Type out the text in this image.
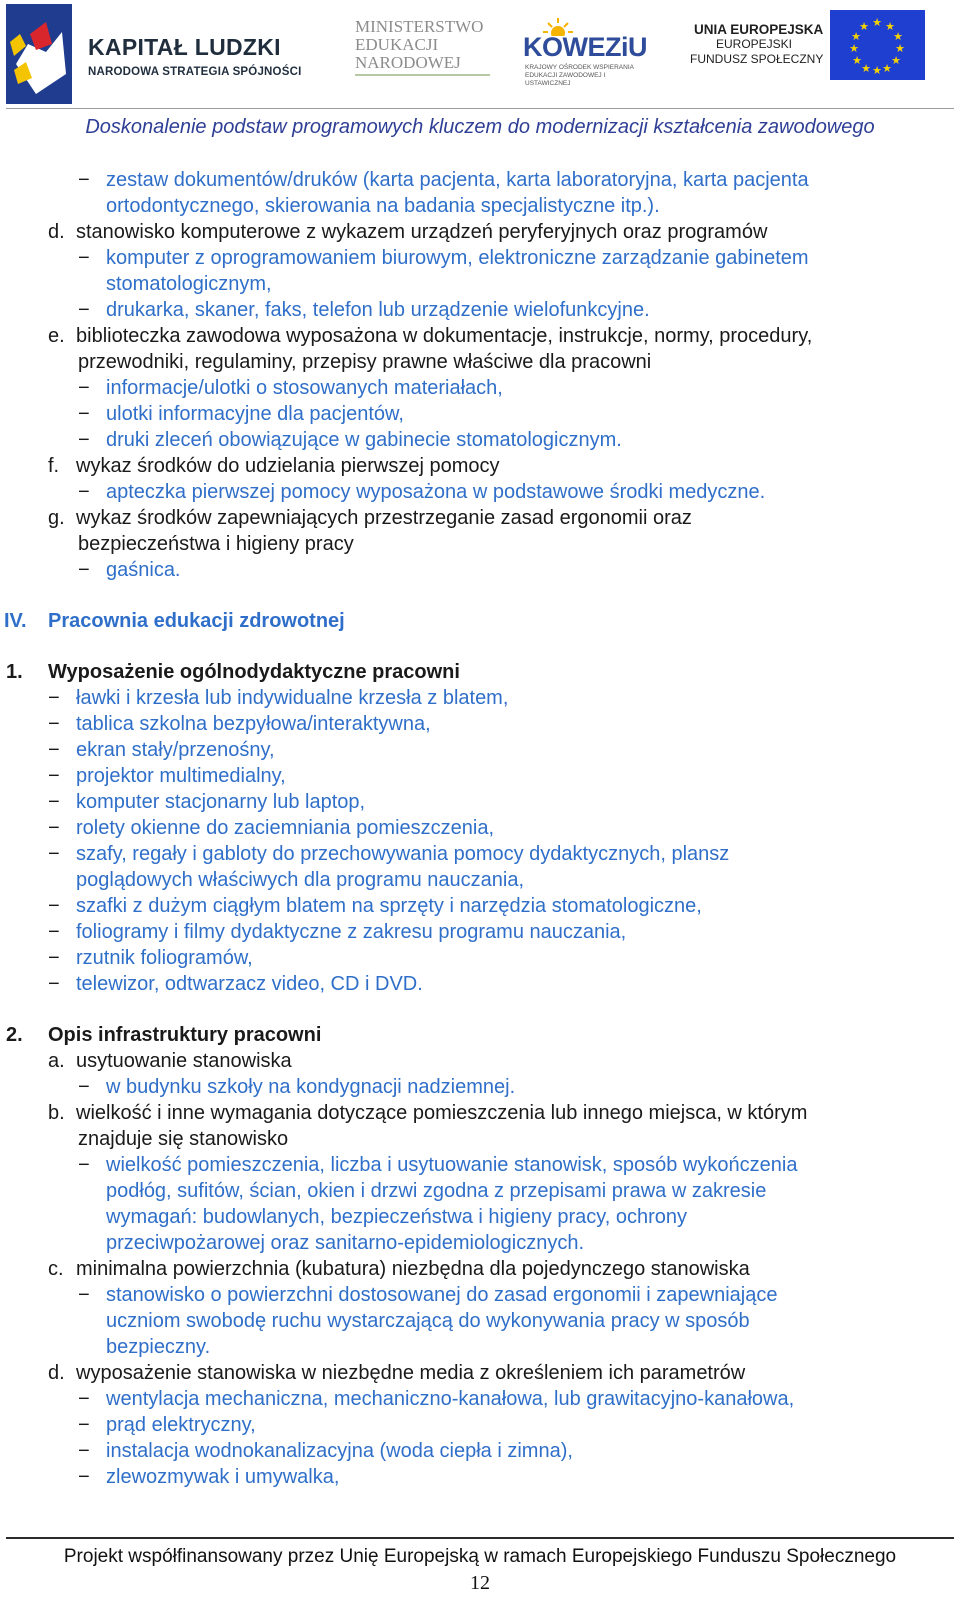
KAPITAŁ LUDZKI
NARODOWA STRATEGIA SPÓJNOŚCI
MINISTERSTWO
EDUKACJI
NARODOWEJ
KOWEZiU
KRAJOWY OŚRODEK WSPIERANIA EDUKACJI ZAWODOWEJ I USTAWICZNEJ
UNIA EUROPEJSKA
EUROPEJSKI
FUNDUSZ SPOŁECZNY
★ ★
★
★
★
★
★
★
★
★
★
★
Doskonalenie podstaw programowych kluczem do modernizacji kształcenia zawodowego
− zestaw dokumentów/druków (karta pacjenta, karta laboratoryjna, karta pacjenta
ortodontycznego, skierowania na badania specjalistyczne itp.).
d. stanowisko komputerowe z wykazem urządzeń peryferyjnych oraz programów
− komputer z oprogramowaniem biurowym, elektroniczne zarządzanie gabinetem
stomatologicznym,
− drukarka, skaner, faks, telefon lub urządzenie wielofunkcyjne.
e. biblioteczka zawodowa wyposażona w dokumentacje, instrukcje, normy, procedury,
przewodniki, regulaminy, przepisy prawne właściwe dla pracowni
− informacje/ulotki o stosowanych materiałach,
− ulotki informacyjne dla pacjentów,
− druki zleceń obowiązujące w gabinecie stomatologicznym.
f. wykaz środków do udzielania pierwszej pomocy
− apteczka pierwszej pomocy wyposażona w podstawowe środki medyczne.
g. wykaz środków zapewniających przestrzeganie zasad ergonomii oraz
bezpieczeństwa i higieny pracy
− gaśnica.
IV. Pracownia edukacji zdrowotnej
1. Wyposażenie ogólnodydaktyczne pracowni
− ławki i krzesła lub indywidualne krzesła z blatem,
− tablica szkolna bezpyłowa/interaktywna,
− ekran stały/przenośny,
− projektor multimedialny,
− komputer stacjonarny lub laptop,
− rolety okienne do zaciemniania pomieszczenia,
− szafy, regały i gabloty do przechowywania pomocy dydaktycznych, plansz
poglądowych właściwych dla programu nauczania,
− szafki z dużym ciągłym blatem na sprzęty i narzędzia stomatologiczne,
− foliogramy i filmy dydaktyczne z zakresu programu nauczania,
− rzutnik foliogramów,
− telewizor, odtwarzacz video, CD i DVD.
2. Opis infrastruktury pracowni
a. usytuowanie stanowiska
− w budynku szkoły na kondygnacji nadziemnej.
b. wielkość i inne wymagania dotyczące pomieszczenia lub innego miejsca, w którym
znajduje się stanowisko
− wielkość pomieszczenia, liczba i usytuowanie stanowisk, sposób wykończenia
podłóg, sufitów, ścian, okien i drzwi zgodna z przepisami prawa w zakresie
wymagań: budowlanych, bezpieczeństwa i higieny pracy, ochrony
przeciwpożarowej oraz sanitarno-epidemiologicznych.
c. minimalna powierzchnia (kubatura) niezbędna dla pojedynczego stanowiska
− stanowisko o powierzchni dostosowanej do zasad ergonomii i zapewniające
uczniom swobodę ruchu wystarczającą do wykonywania pracy w sposób
bezpieczny.
d. wyposażenie stanowiska w niezbędne media z określeniem ich parametrów
− wentylacja mechaniczna, mechaniczno-kanałowa, lub grawitacyjno-kanałowa,
− prąd elektryczny,
− instalacja wodnokanalizacyjna (woda ciepła i zimna),
− zlewozmywak i umywalka,
Projekt współfinansowany przez Unię Europejską w ramach Europejskiego Funduszu Społecznego
12
